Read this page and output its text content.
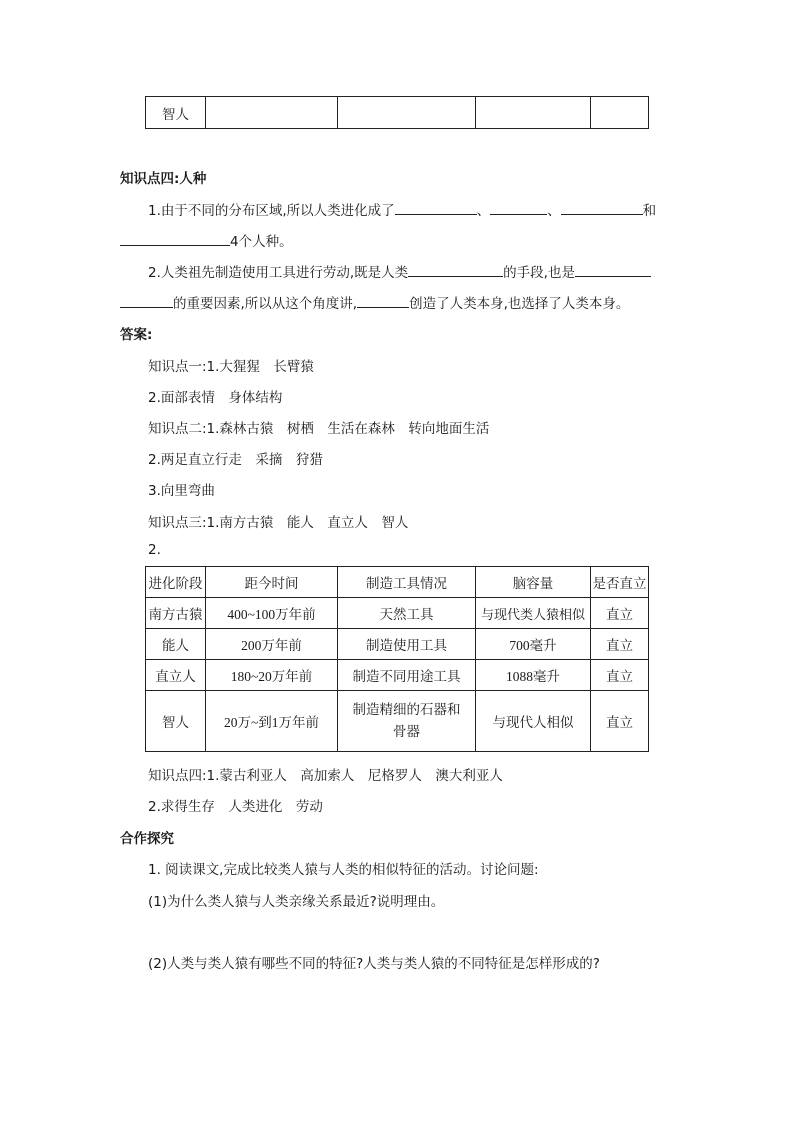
智人				
知识点四:人种
1.由于不同的分布区域,所以人类进化成了	、	、	和
4个人种。
2.人类祖先制造使用工具进行劳动,既是人类	的手段,也是
的重要因素,所以从这个角度讲,	创造了人类本身,也选择了人类本身。
答案:
知识点一:1.大猩猩　长臂猿
2.面部表情　身体结构
知识点二:1.森林古猿　树栖　生活在森林　转向地面生活
2.两足直立行走　采摘　狩猎
3.向里弯曲
知识点三:1.南方古猿　能人　直立人　智人
2.
进化阶段	距今时间	制造工具情况	脑容量	是否直立
南方古猿	400~100万年前	天然工具	与现代类人猿相似	直立
能人	200万年前	制造使用工具	700毫升	直立
直立人	180~20万年前	制造不同用途工具	1088毫升	直立
智人	20万~到1万年前	制造精细的石器和骨器	与现代人相似	直立
知识点四:1.蒙古利亚人　高加索人　尼格罗人　澳大利亚人
2.求得生存　人类进化　劳动
合作探究
1. 阅读课文,完成比较类人猿与人类的相似特征的活动。讨论问题:
(1)为什么类人猿与人类亲缘关系最近?说明理由。
(2)人类与类人猿有哪些不同的特征?人类与类人猿的不同特征是怎样形成的?
